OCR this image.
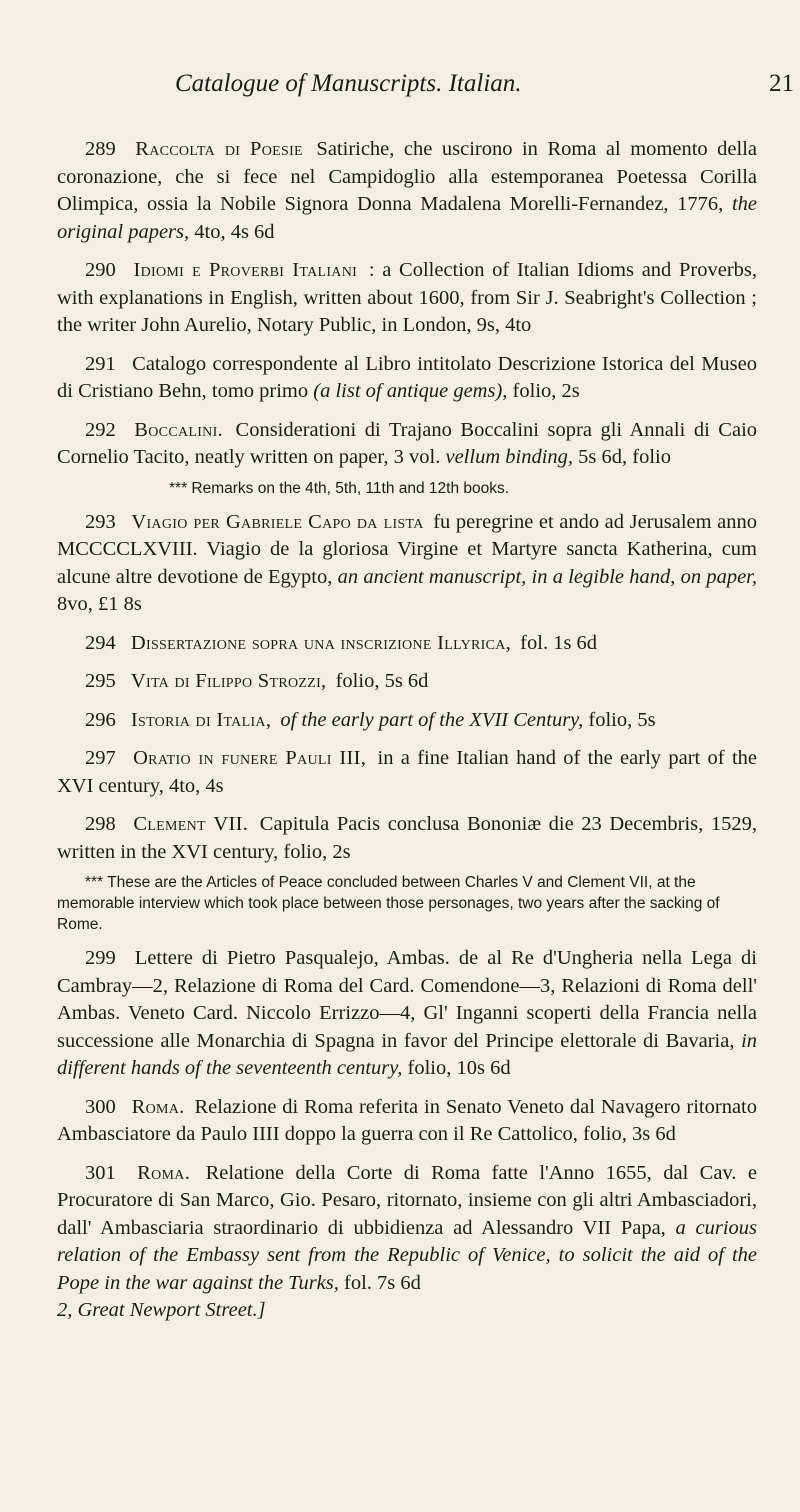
Catalogue of Manuscripts. Italian.	21
289 Raccolta di Poesie Satiriche, che uscirono in Roma al momento della coronazione, che si fece nel Campidoglio alla estemporanea Poetessa Corilla Olimpica, ossia la Nobile Signora Donna Madalena Morelli-Fernandez, 1776, the original papers, 4to, 4s 6d
290 Idiomi e Proverbi Italiani : a Collection of Italian Idioms and Proverbs, with explanations in English, written about 1600, from Sir J. Seabright's Collection ; the writer John Aurelio, Notary Public, in London, 9s, 4to
291 Catalogo correspondente al Libro intitolato Descrizione Istorica del Museo di Cristiano Behn, tomo primo (a list of antique gems), folio, 2s
292 Boccalini. Considerationi di Trajano Boccalini sopra gli Annali di Caio Cornelio Tacito, neatly written on paper, 3 vol. vellum binding, 5s 6d, folio
*** Remarks on the 4th, 5th, 11th and 12th books.
293 Viagio per Gabriele Capo da lista fu peregrine et ando ad Jerusalem anno MCCCCLXVIII. Viagio de la gloriosa Virgine et Martyre sancta Katherina, cum alcune altre devotione de Egypto, an ancient manuscript, in a legible hand, on paper, 8vo, £1 8s
294 Dissertazione sopra una inscrizione Illyrica, fol. 1s 6d
295 Vita di Filippo Strozzi, folio, 5s 6d
296 Istoria di Italia, of the early part of the XVII Century, folio, 5s
297 Oratio in funere Pauli III, in a fine Italian hand of the early part of the XVI century, 4to, 4s
298 Clement VII. Capitula Pacis conclusa Bononiæ die 23 Decembris, 1529, written in the XVI century, folio, 2s
*** These are the Articles of Peace concluded between Charles V and Clement VII, at the memorable interview which took place between those personages, two years after the sacking of Rome.
299 Lettere di Pietro Pasqualejo, Ambas. de al Re d'Ungheria nella Lega di Cambray—2, Relazione di Roma del Card. Comendone—3, Relazioni di Roma dell' Ambas. Veneto Card. Niccolo Errizzo—4, Gl' Inganni scoperti della Francia nella successione alle Monarchia di Spagna in favor del Principe elettorale di Bavaria, in different hands of the seventeenth century, folio, 10s 6d
300 Roma. Relazione di Roma referita in Senato Veneto dal Navagero ritornato Ambasciatore da Paulo IIII doppo la guerra con il Re Cattolico, folio, 3s 6d
301 Roma. Relatione della Corte di Roma fatte l'Anno 1655, dal Cav. e Procuratore di San Marco, Gio. Pesaro, ritornato, insieme con gli altri Ambasciadori, dall' Ambasciaria straordinario di ubbidienza ad Alessandro VII Papa, a curious relation of the Embassy sent from the Republic of Venice, to solicit the aid of the Pope in the war against the Turks, fol. 7s 6d
2, Great Newport Street.]
